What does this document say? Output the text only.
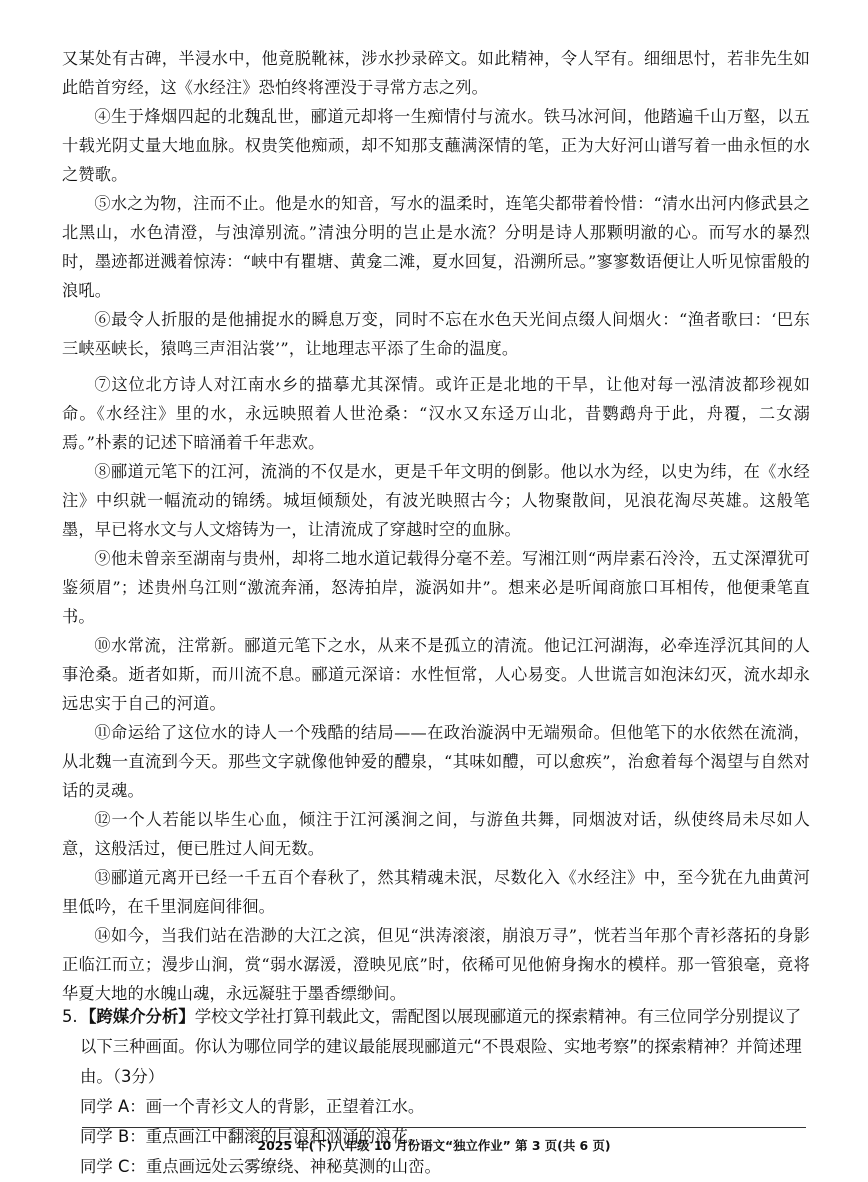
又某处有古碑，半浸水中，他竟脱靴袜，涉水抄录碎文。如此精神，令人罕有。细细思忖，若非先生如此皓首穷经，这《水经注》恐怕终将湮没于寻常方志之列。
④生于烽烟四起的北魏乱世，郦道元却将一生痴情付与流水。铁马冰河间，他踏遍千山万壑，以五十载光阴丈量大地血脉。权贵笑他痴顽，却不知那支蘸满深情的笔，正为大好河山谱写着一曲永恒的水之赞歌。
⑤水之为物，注而不止。他是水的知音，写水的温柔时，连笔尖都带着怜惜：“清水出河内修武县之北黑山，水色清澄，与浊漳别流。”清浊分明的岂止是水流？分明是诗人那颗明澈的心。而写水的暴烈时，墨迹都迸溅着惊涛：“峡中有瞿塘、黄龛二滩，夏水回复，沿溯所忌。”寥寥数语便让人听见惊雷般的浪吼。
⑥最令人折服的是他捕捉水的瞬息万变，同时不忘在水色天光间点缀人间烟火：“渔者歌曰：‘巴东三峡巫峡长，猿鸣三声泪沾裳’”，让地理志平添了生命的温度。
⑦这位北方诗人对江南水乡的描摹尤其深情。或许正是北地的干旱，让他对每一泓清波都珍视如命。《水经注》里的水，永远映照着人世沧桑：“汉水又东迳万山北，昔鹦鹉舟于此，舟覆，二女溺焉。”朴素的记述下暗涌着千年悲欢。
⑧郦道元笔下的江河，流淌的不仅是水，更是千年文明的倒影。他以水为经，以史为纬，在《水经注》中织就一幅流动的锦绣。城垣倾颓处，有波光映照古今；人物聚散间，见浪花淘尽英雄。这般笔墨，早已将水文与人文熔铸为一，让清流成了穿越时空的血脉。
⑨他未曾亲至湖南与贵州，却将二地水道记载得分毫不差。写湘江则“两岸素石泠泠，五丈深潭犹可鉴须眉”；述贵州乌江则“激流奔涌，怒涛拍岸，漩涡如井”。想来必是听闻商旅口耳相传，他便秉笔直书。
⑩水常流，注常新。郦道元笔下之水，从来不是孤立的清流。他记江河湖海，必牵连浮沉其间的人事沧桑。逝者如斯，而川流不息。郦道元深谙：水性恒常，人心易变。人世谎言如泡沫幻灭，流水却永远忠实于自己的河道。
⑪命运给了这位水的诗人一个残酷的结局——在政治漩涡中无端殒命。但他笔下的水依然在流淌，从北魏一直流到今天。那些文字就像他钟爱的醴泉，“其味如醴，可以愈疾”，治愈着每个渴望与自然对话的灵魂。
⑫一个人若能以毕生心血，倾注于江河溪涧之间，与游鱼共舞，同烟波对话，纵使终局未尽如人意，这般活过，便已胜过人间无数。
⑬郦道元离开已经一千五百个春秋了，然其精魂未泯，尽数化入《水经注》中，至今犹在九曲黄河里低吟，在千里洞庭间徘徊。
⑭如今，当我们站在浩渺的大江之滨，但见“洪涛滚滚，崩浪万寻”，恍若当年那个青衫落拓的身影正临江而立；漫步山涧，赏“弱水潺湲，澄映见底”时，依稀可见他俯身掬水的模样。那一管狼毫，竟将华夏大地的水魄山魂，永远凝驻于墨香缥缈间。
5. 【跨媒介分析】学校文学社打算刊载此文，需配图以展现郦道元的探索精神。有三位同学分别提议了以下三种画面。你认为哪位同学的建议最能展现郦道元“不畏艰险、实地考察”的探索精神？并简述理由。（3分）
同学 A：画一个青衫文人的背影，正望着江水。
同学 B：重点画江中翻滚的巨浪和汹涌的浪花。
同学 C：重点画远处云雾缭绕、神秘莫测的山峦。
2025 年(下)八年级 10 月份语文“独立作业” 第 3 页(共 6 页)
